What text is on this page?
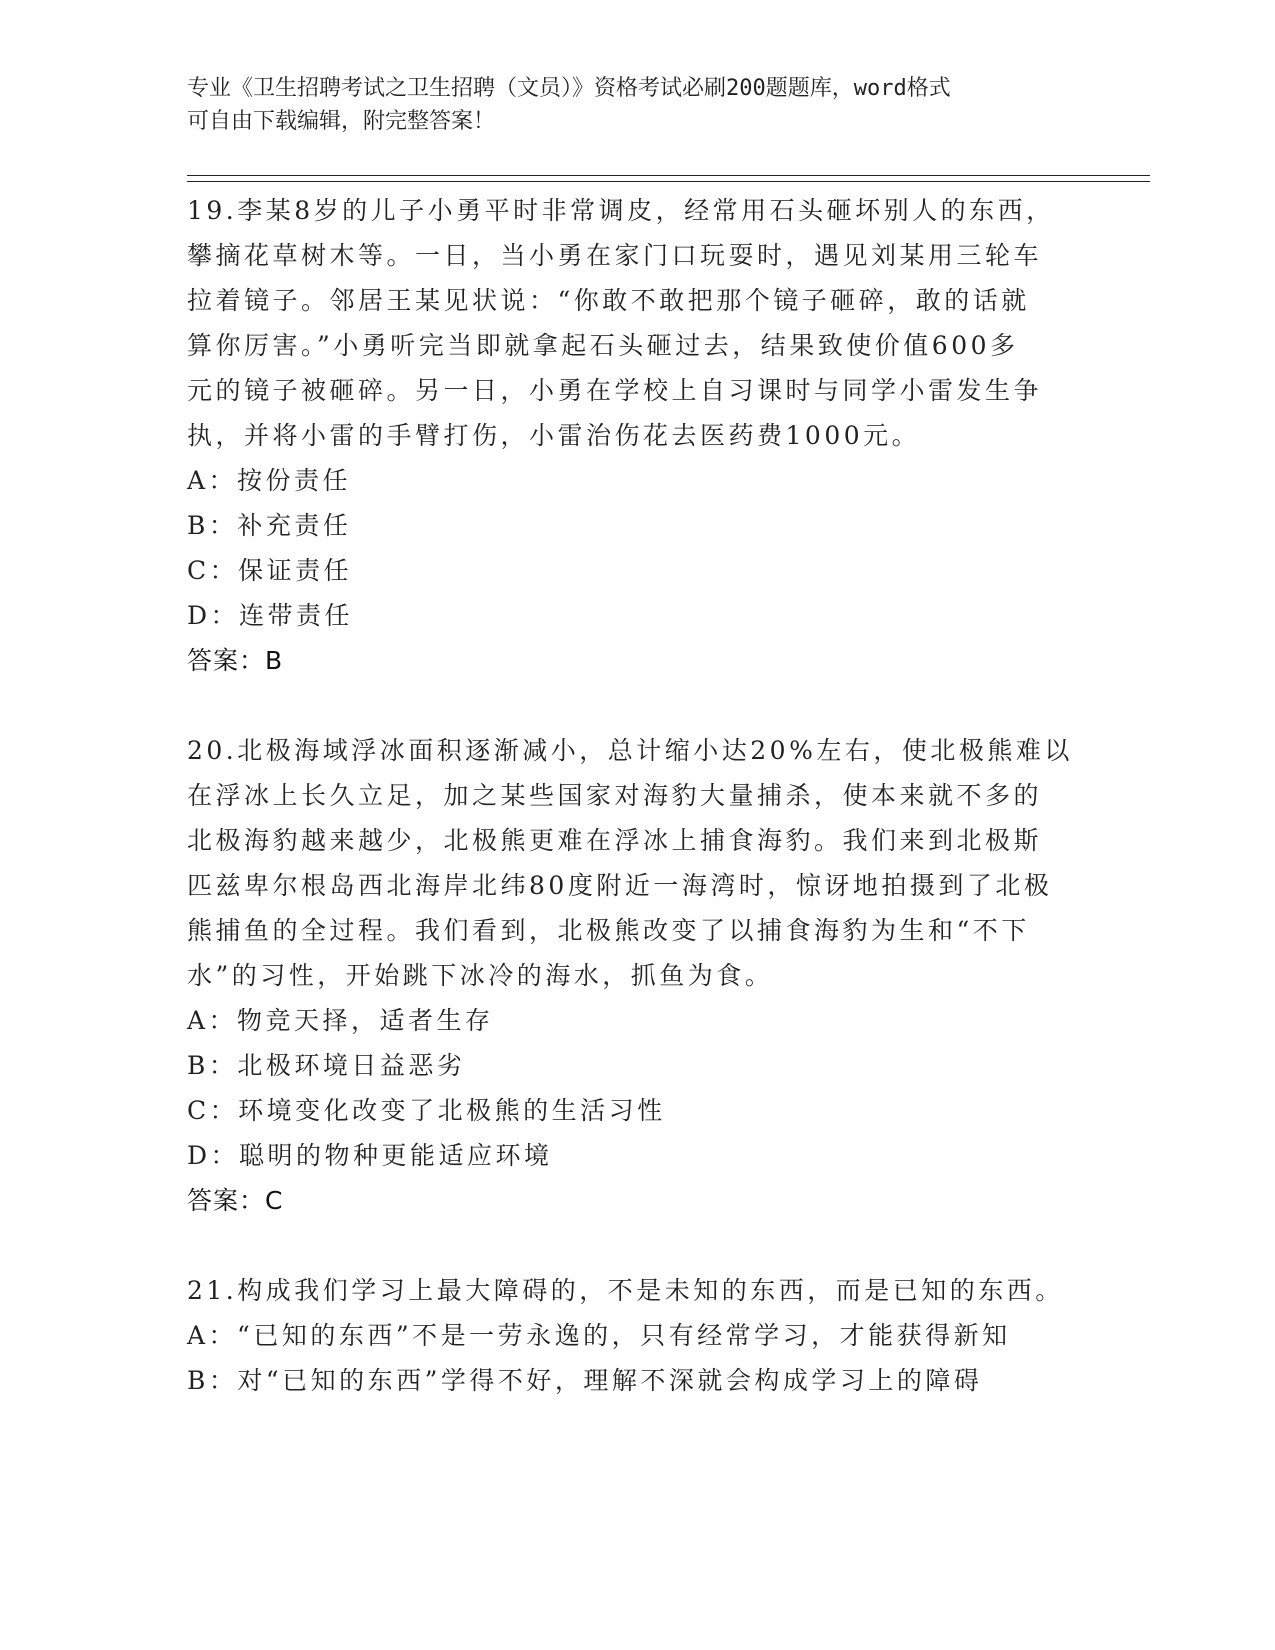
专业《卫生招聘考试之卫生招聘（文员）》资格考试必刷200题题库，word格式
可自由下载编辑，附完整答案！

19.李某8岁的儿子小勇平时非常调皮，经常用石头砸坏别人的东西，

攀摘花草树木等。一日，当小勇在家门口玩耍时，遇见刘某用三轮车

拉着镜子。邻居王某见状说：“你敢不敢把那个镜子砸碎，敢的话就

算你厉害。”小勇听完当即就拿起石头砸过去，结果致使价值600多

元的镜子被砸碎。另一日，小勇在学校上自习课时与同学小雷发生争

执，并将小雷的手臂打伤，小雷治伤花去医药费1000元。

A：按份责任

B：补充责任

C：保证责任

D：连带责任

答案：B

20.北极海域浮冰面积逐渐减小，总计缩小达20%左右，使北极熊难以

在浮冰上长久立足，加之某些国家对海豹大量捕杀，使本来就不多的

北极海豹越来越少，北极熊更难在浮冰上捕食海豹。我们来到北极斯

匹兹卑尔根岛西北海岸北纬80度附近一海湾时，惊讶地拍摄到了北极

熊捕鱼的全过程。我们看到，北极熊改变了以捕食海豹为生和“不下

水”的习性，开始跳下冰冷的海水，抓鱼为食。

A：物竞天择，适者生存

B：北极环境日益恶劣

C：环境变化改变了北极熊的生活习性

D：聪明的物种更能适应环境

答案：C

21.构成我们学习上最大障碍的，不是未知的东西，而是已知的东西。

A：“已知的东西”不是一劳永逸的，只有经常学习，才能获得新知

B：对“已知的东西”学得不好，理解不深就会构成学习上的障碍
